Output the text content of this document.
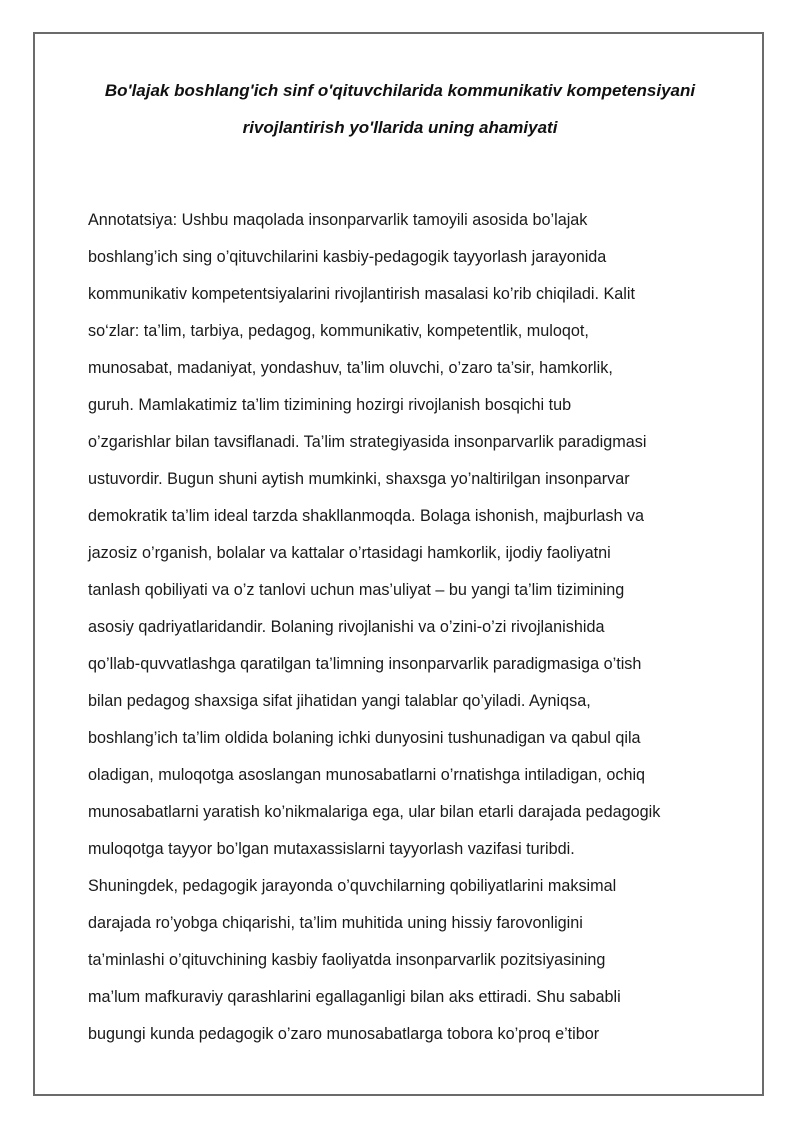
Bo'lajak boshlang'ich sinf o'qituvchilarida kommunikativ kompetensiyani
rivojlantirish yo'llarida uning ahamiyati
Annotatsiya: Ushbu maqolada insonparvarlik tamoyili asosida bo’lajak
boshlang’ich sing o’qituvchilarini kasbiy-pedagogik tayyorlash jarayonida
kommunikativ kompetentsiyalarini rivojlantirish masalasi ko’rib chiqiladi. Kalit
so‘zlar: ta’lim, tarbiya, pedagog, kommunikativ, kompetentlik, muloqot,
munosabat, madaniyat, yondashuv, ta’lim oluvchi, o’zaro ta’sir, hamkorlik,
guruh. Mamlakatimiz ta’lim tizimining hozirgi rivojlanish bosqichi tub
o’zgarishlar bilan tavsiflanadi. Ta’lim strategiyasida insonparvarlik paradigmasi
ustuvordir. Bugun shuni aytish mumkinki, shaxsga yo’naltirilgan insonparvar
demokratik ta’lim ideal tarzda shakllanmoqda. Bolaga ishonish, majburlash va
jazosiz o’rganish, bolalar va kattalar o’rtasidagi hamkorlik, ijodiy faoliyatni
tanlash qobiliyati va o’z tanlovi uchun mas’uliyat – bu yangi ta’lim tizimining
asosiy qadriyatlaridandir. Bolaning rivojlanishi va o’zini-o’zi rivojlanishida
qo’llab-quvvatlashga qaratilgan ta’limning insonparvarlik paradigmasiga o’tish
bilan pedagog shaxsiga sifat jihatidan yangi talablar qo’yiladi. Ayniqsa,
boshlang’ich ta’lim oldida bolaning ichki dunyosini tushunadigan va qabul qila
oladigan, muloqotga asoslangan munosabatlarni o’rnatishga intiladigan, ochiq
munosabatlarni yaratish ko’nikmalariga ega, ular bilan etarli darajada pedagogik
muloqotga tayyor bo’lgan mutaxassislarni tayyorlash vazifasi turibdi.
Shuningdek, pedagogik jarayonda o’quvchilarning qobiliyatlarini maksimal
darajada ro’yobga chiqarishi, ta’lim muhitida uning hissiy farovonligini
ta’minlashi o’qituvchining kasbiy faoliyatda insonparvarlik pozitsiyasining
ma’lum mafkuraviy qarashlarini egallaganligi bilan aks ettiradi. Shu sababli
bugungi kunda pedagogik o’zaro munosabatlarga tobora ko’proq e’tibor
